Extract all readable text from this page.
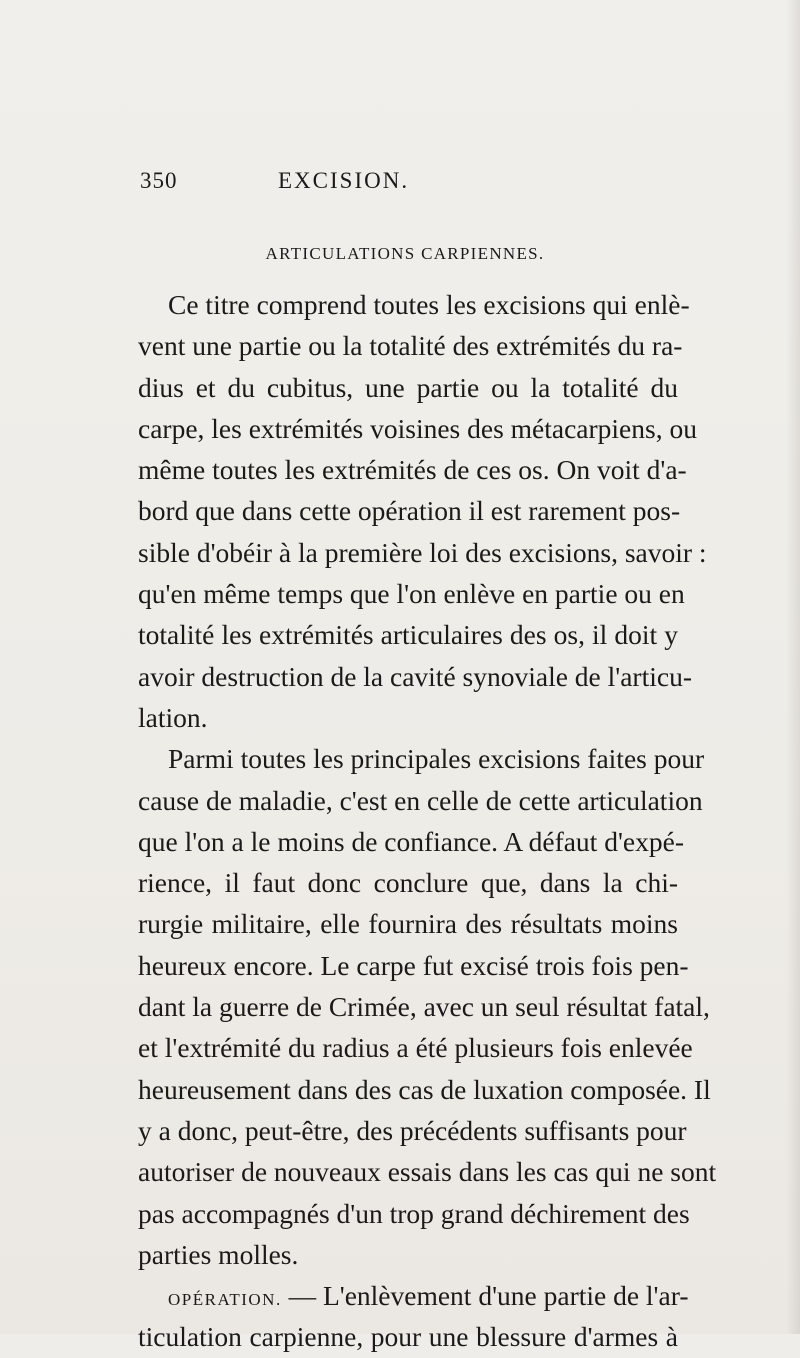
350	EXCISION.
ARTICULATIONS CARPIENNES.
Ce titre comprend toutes les excisions qui enlè-
vent une partie ou la totalité des extrémités du ra-
dius et du cubitus, une partie ou la totalité du
carpe, les extrémités voisines des métacarpiens, ou
même toutes les extrémités de ces os. On voit d'a-
bord que dans cette opération il est rarement pos-
sible d'obéir à la première loi des excisions, savoir :
qu'en même temps que l'on enlève en partie ou en
totalité les extrémités articulaires des os, il doit y
avoir destruction de la cavité synoviale de l'articu-
lation.
Parmi toutes les principales excisions faites pour
cause de maladie, c'est en celle de cette articulation
que l'on a le moins de confiance. A défaut d'expé-
rience, il faut donc conclure que, dans la chi-
rurgie militaire, elle fournira des résultats moins
heureux encore. Le carpe fut excisé trois fois pen-
dant la guerre de Crimée, avec un seul résultat fatal,
et l'extrémité du radius a été plusieurs fois enlevée
heureusement dans des cas de luxation composée. Il
y a donc, peut-être, des précédents suffisants pour
autoriser de nouveaux essais dans les cas qui ne sont
pas accompagnés d'un trop grand déchirement des
parties molles.
OPÉRATION. — L'enlèvement d'une partie de l'ar-
ticulation carpienne, pour une blessure d'armes à
